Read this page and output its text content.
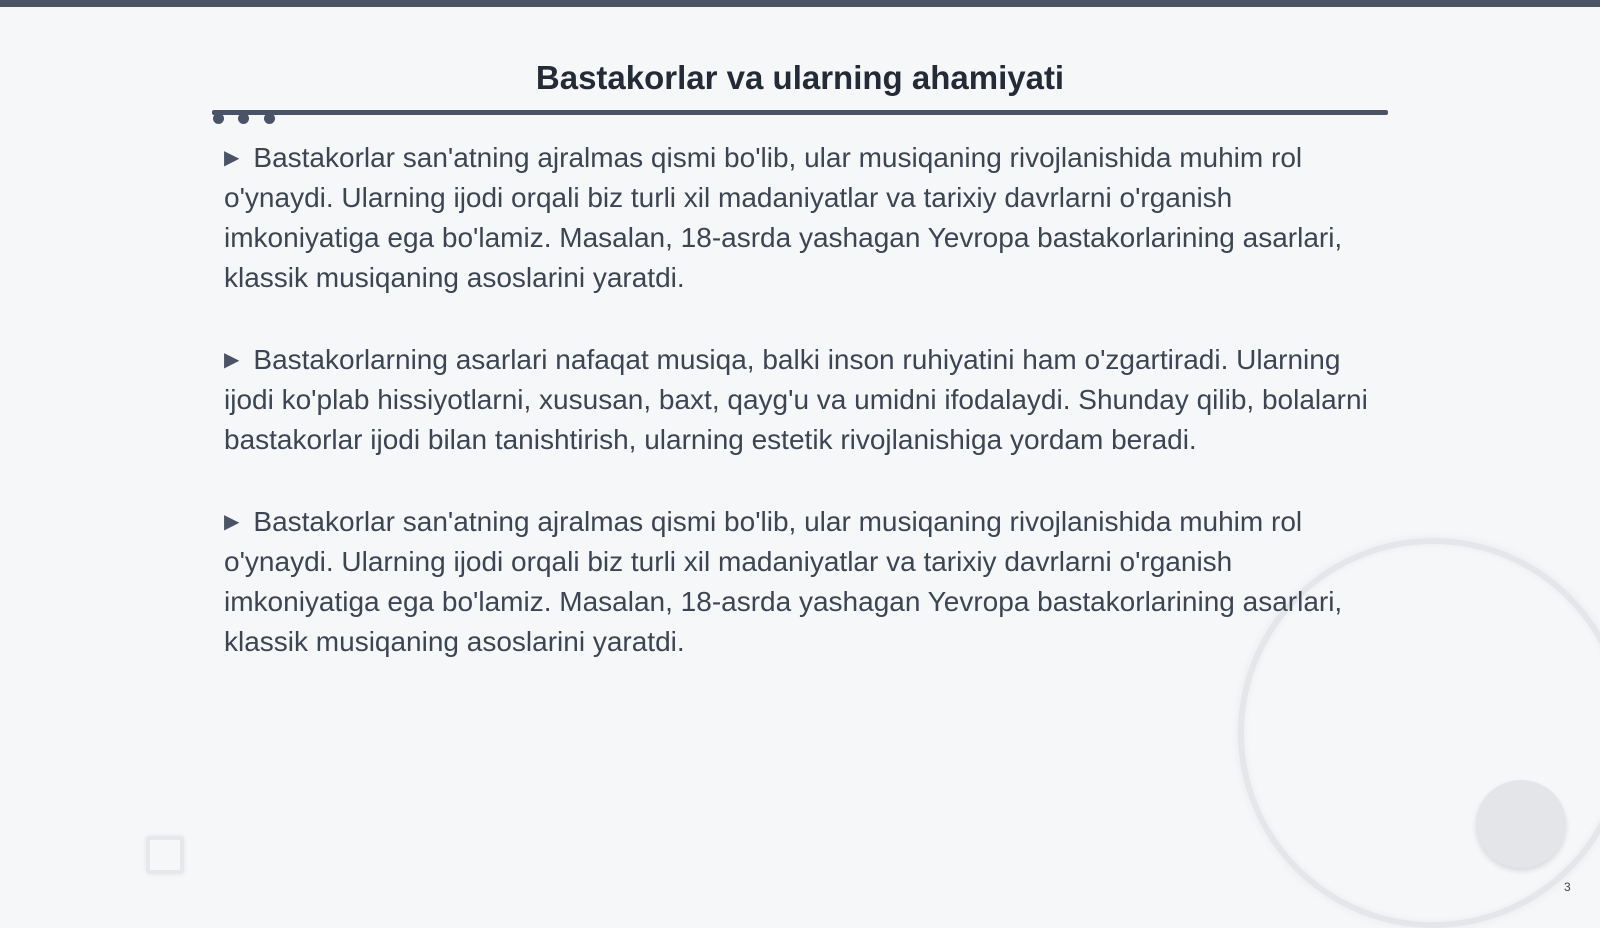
Bastakorlar va ularning ahamiyati

▶ Bastakorlar san'atning ajralmas qismi bo'lib, ular musiqaning rivojlanishida muhim rol o'ynaydi. Ularning ijodi orqali biz turli xil madaniyatlar va tarixiy davrlarni o'rganish imkoniyatiga ega bo'lamiz. Masalan, 18-asrda yashagan Yevropa bastakorlarining asarlari, klassik musiqaning asoslarini yaratdi.

▶ Bastakorlarning asarlari nafaqat musiqa, balki inson ruhiyatini ham o'zgartiradi. Ularning ijodi ko'plab hissiyotlarni, xususan, baxt, qayg'u va umidni ifodalaydi. Shunday qilib, bolalarni bastakorlar ijodi bilan tanishtirish, ularning estetik rivojlanishiga yordam beradi.

▶ Bastakorlar san'atning ajralmas qismi bo'lib, ular musiqaning rivojlanishida muhim rol o'ynaydi. Ularning ijodi orqali biz turli xil madaniyatlar va tarixiy davrlarni o'rganish imkoniyatiga ega bo'lamiz. Masalan, 18-asrda yashagan Yevropa bastakorlarining asarlari, klassik musiqaning asoslarini yaratdi.

3
